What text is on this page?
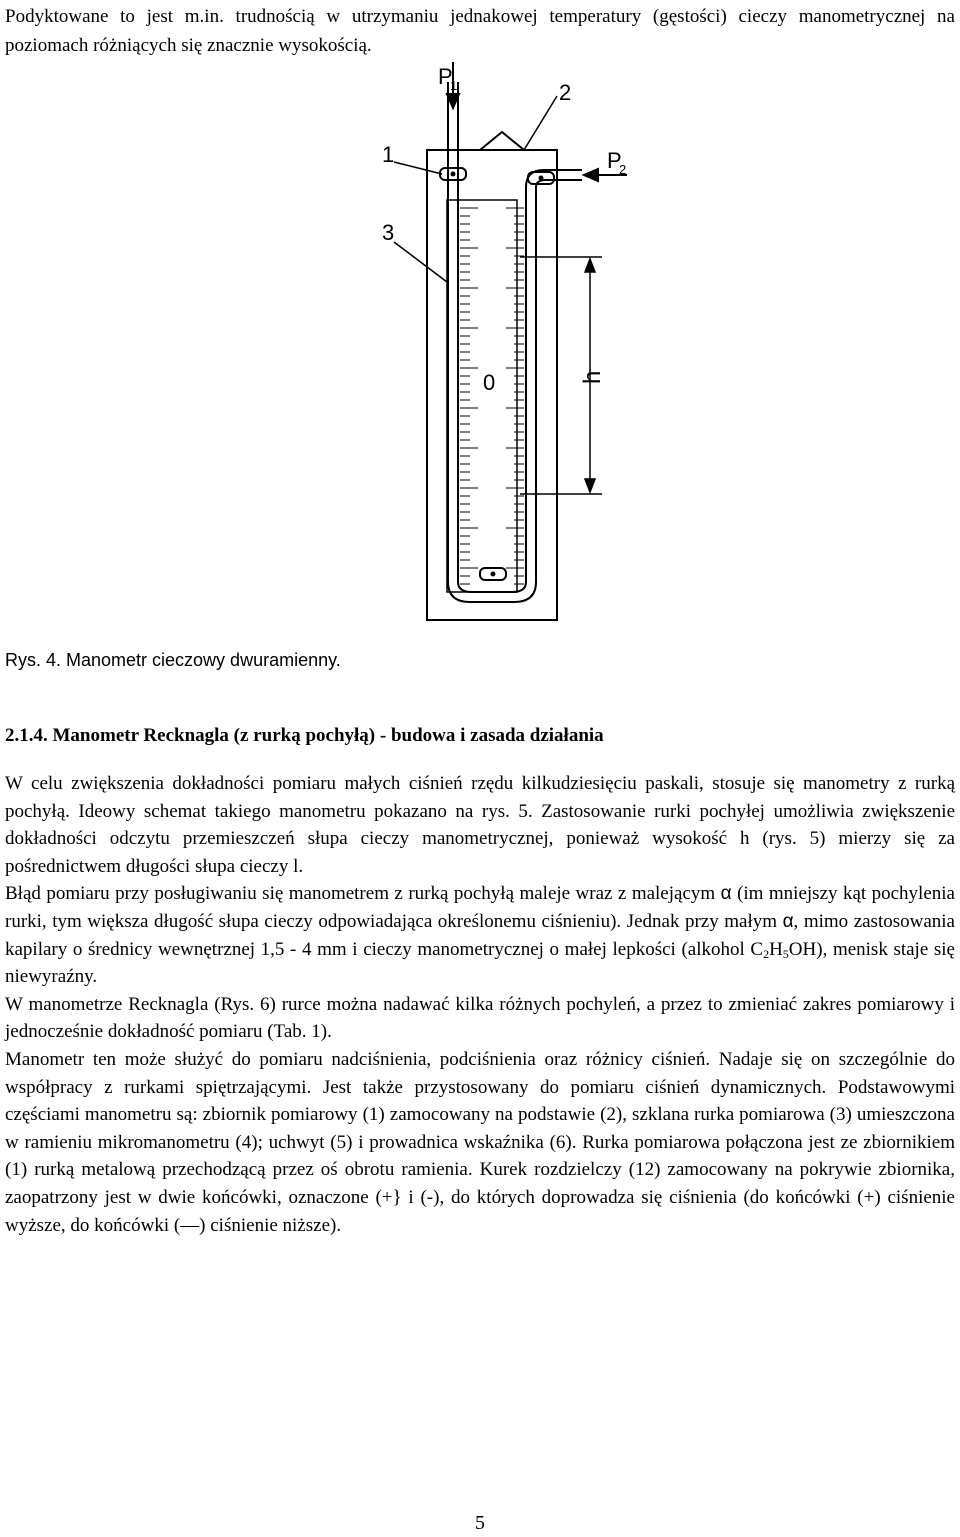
Podyktowane to jest m.in. trudnością w utrzymaniu jednakowej temperatury (gęstości) cieczy manometrycznej na poziomach różniących się znacznie wysokością.
P
1
P
2
1
2
3
0	h
Rys. 4. Manometr cieczowy dwuramienny.
2.1.4. Manometr Recknagla (z rurką pochyłą) - budowa i zasada działania

W celu zwiększenia dokładności pomiaru małych ciśnień rzędu kilkudziesięciu paskali, stosuje się manometry z rurką pochyłą. Ideowy schemat takiego manometru pokazano na rys. 5. Zastosowanie rurki pochyłej umożliwia zwiększenie dokładności odczytu przemieszczeń słupa cieczy manometrycznej, ponieważ wysokość h (rys. 5) mierzy się za pośrednictwem długości słupa cieczy l.

Błąd pomiaru przy posługiwaniu się manometrem z rurką pochyłą maleje wraz z malejącym α (im mniejszy kąt pochylenia rurki, tym większa długość słupa cieczy odpowiadająca określonemu ciśnieniu). Jednak przy małym α, mimo zastosowania kapilary o średnicy wewnętrznej 1,5 - 4 mm i cieczy manometrycznej o małej lepkości (alkohol $C_2H_5OH$), menisk staje się niewyraźny.

W manometrze Recknagla (Rys. 6) rurce można nadawać kilka różnych pochyleń, a przez to zmieniać zakres pomiarowy i jednocześnie dokładność pomiaru (Tab. 1).

Manometr ten może służyć do pomiaru nadciśnienia, podciśnienia oraz różnicy ciśnień. Nadaje się on szczególnie do współpracy z rurkami spiętrzającymi. Jest także przystosowany do pomiaru ciśnień dynamicznych. Podstawowymi częściami manometru są: zbiornik pomiarowy (1) zamocowany na podstawie (2), szklana rurka pomiarowa (3) umieszczona w ramieniu mikromanometru (4); uchwyt (5) i prowadnica wskaźnika (6). Rurka pomiarowa połączona jest ze zbiornikiem (1) rurką metalową przechodzącą przez oś obrotu ramienia. Kurek rozdzielczy (12) zamocowany na pokrywie zbiornika, zaopatrzony jest w dwie końcówki, oznaczone (+} i (-), do których doprowadza się ciśnienia (do końcówki (+) ciśnienie wyższe, do końcówki (—) ciśnienie niższe).

5
